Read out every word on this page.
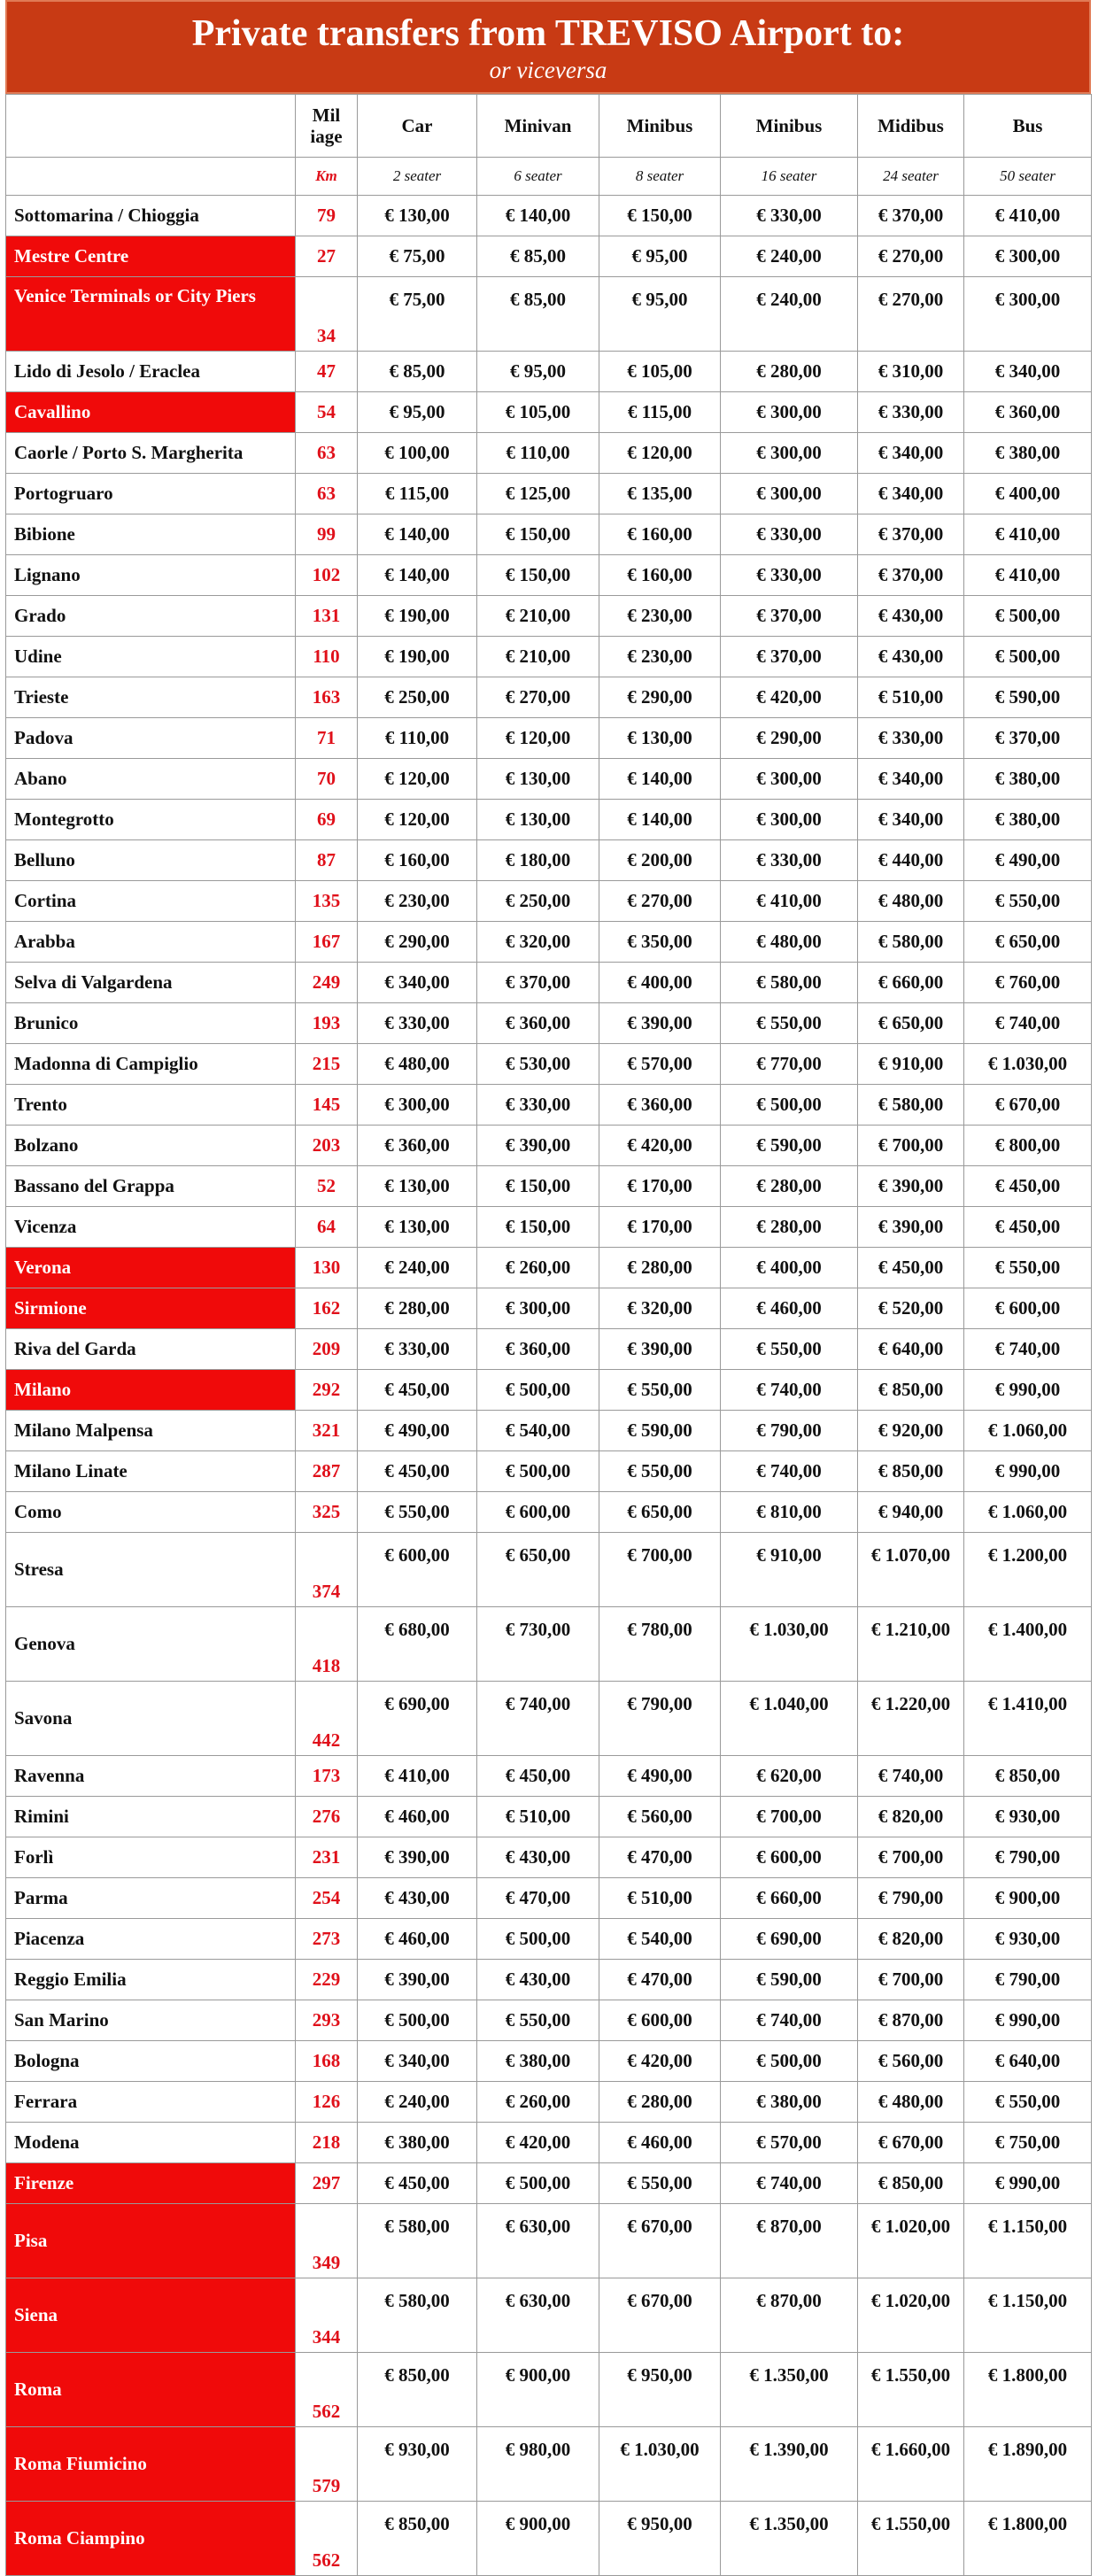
Private transfers from TREVISO Airport to:
or viceversa
	Mil iage	Car	Minivan	Minibus	Minibus	Midibus	Bus
	Km	2 seater	6 seater	8 seater	16 seater	24 seater	50 seater
Sottomarina / Chioggia	79	€ 130,00	€ 140,00	€ 150,00	€ 330,00	€ 370,00	€ 410,00
Mestre Centre	27	€ 75,00	€ 85,00	€ 95,00	€ 240,00	€ 270,00	€ 300,00
Venice Terminals or City Piers	34	€ 75,00	€ 85,00	€ 95,00	€ 240,00	€ 270,00	€ 300,00
Lido di Jesolo / Eraclea	47	€ 85,00	€ 95,00	€ 105,00	€ 280,00	€ 310,00	€ 340,00
Cavallino	54	€ 95,00	€ 105,00	€ 115,00	€ 300,00	€ 330,00	€ 360,00
Caorle / Porto S. Margherita	63	€ 100,00	€ 110,00	€ 120,00	€ 300,00	€ 340,00	€ 380,00
Portogruaro	63	€ 115,00	€ 125,00	€ 135,00	€ 300,00	€ 340,00	€ 400,00
Bibione	99	€ 140,00	€ 150,00	€ 160,00	€ 330,00	€ 370,00	€ 410,00
Lignano	102	€ 140,00	€ 150,00	€ 160,00	€ 330,00	€ 370,00	€ 410,00
Grado	131	€ 190,00	€ 210,00	€ 230,00	€ 370,00	€ 430,00	€ 500,00
Udine	110	€ 190,00	€ 210,00	€ 230,00	€ 370,00	€ 430,00	€ 500,00
Trieste	163	€ 250,00	€ 270,00	€ 290,00	€ 420,00	€ 510,00	€ 590,00
Padova	71	€ 110,00	€ 120,00	€ 130,00	€ 290,00	€ 330,00	€ 370,00
Abano	70	€ 120,00	€ 130,00	€ 140,00	€ 300,00	€ 340,00	€ 380,00
Montegrotto	69	€ 120,00	€ 130,00	€ 140,00	€ 300,00	€ 340,00	€ 380,00
Belluno	87	€ 160,00	€ 180,00	€ 200,00	€ 330,00	€ 440,00	€ 490,00
Cortina	135	€ 230,00	€ 250,00	€ 270,00	€ 410,00	€ 480,00	€ 550,00
Arabba	167	€ 290,00	€ 320,00	€ 350,00	€ 480,00	€ 580,00	€ 650,00
Selva di Valgardena	249	€ 340,00	€ 370,00	€ 400,00	€ 580,00	€ 660,00	€ 760,00
Brunico	193	€ 330,00	€ 360,00	€ 390,00	€ 550,00	€ 650,00	€ 740,00
Madonna di Campiglio	215	€ 480,00	€ 530,00	€ 570,00	€ 770,00	€ 910,00	€ 1.030,00
Trento	145	€ 300,00	€ 330,00	€ 360,00	€ 500,00	€ 580,00	€ 670,00
Bolzano	203	€ 360,00	€ 390,00	€ 420,00	€ 590,00	€ 700,00	€ 800,00
Bassano del Grappa	52	€ 130,00	€ 150,00	€ 170,00	€ 280,00	€ 390,00	€ 450,00
Vicenza	64	€ 130,00	€ 150,00	€ 170,00	€ 280,00	€ 390,00	€ 450,00
Verona	130	€ 240,00	€ 260,00	€ 280,00	€ 400,00	€ 450,00	€ 550,00
Sirmione	162	€ 280,00	€ 300,00	€ 320,00	€ 460,00	€ 520,00	€ 600,00
Riva del Garda	209	€ 330,00	€ 360,00	€ 390,00	€ 550,00	€ 640,00	€ 740,00
Milano	292	€ 450,00	€ 500,00	€ 550,00	€ 740,00	€ 850,00	€ 990,00
Milano Malpensa	321	€ 490,00	€ 540,00	€ 590,00	€ 790,00	€ 920,00	€ 1.060,00
Milano Linate	287	€ 450,00	€ 500,00	€ 550,00	€ 740,00	€ 850,00	€ 990,00
Como	325	€ 550,00	€ 600,00	€ 650,00	€ 810,00	€ 940,00	€ 1.060,00
Stresa	374	€ 600,00	€ 650,00	€ 700,00	€ 910,00	€ 1.070,00	€ 1.200,00
Genova	418	€ 680,00	€ 730,00	€ 780,00	€ 1.030,00	€ 1.210,00	€ 1.400,00
Savona	442	€ 690,00	€ 740,00	€ 790,00	€ 1.040,00	€ 1.220,00	€ 1.410,00
Ravenna	173	€ 410,00	€ 450,00	€ 490,00	€ 620,00	€ 740,00	€ 850,00
Rimini	276	€ 460,00	€ 510,00	€ 560,00	€ 700,00	€ 820,00	€ 930,00
Forlì	231	€ 390,00	€ 430,00	€ 470,00	€ 600,00	€ 700,00	€ 790,00
Parma	254	€ 430,00	€ 470,00	€ 510,00	€ 660,00	€ 790,00	€ 900,00
Piacenza	273	€ 460,00	€ 500,00	€ 540,00	€ 690,00	€ 820,00	€ 930,00
Reggio Emilia	229	€ 390,00	€ 430,00	€ 470,00	€ 590,00	€ 700,00	€ 790,00
San Marino	293	€ 500,00	€ 550,00	€ 600,00	€ 740,00	€ 870,00	€ 990,00
Bologna	168	€ 340,00	€ 380,00	€ 420,00	€ 500,00	€ 560,00	€ 640,00
Ferrara	126	€ 240,00	€ 260,00	€ 280,00	€ 380,00	€ 480,00	€ 550,00
Modena	218	€ 380,00	€ 420,00	€ 460,00	€ 570,00	€ 670,00	€ 750,00
Firenze	297	€ 450,00	€ 500,00	€ 550,00	€ 740,00	€ 850,00	€ 990,00
Pisa	349	€ 580,00	€ 630,00	€ 670,00	€ 870,00	€ 1.020,00	€ 1.150,00
Siena	344	€ 580,00	€ 630,00	€ 670,00	€ 870,00	€ 1.020,00	€ 1.150,00
Roma	562	€ 850,00	€ 900,00	€ 950,00	€ 1.350,00	€ 1.550,00	€ 1.800,00
Roma Fiumicino	579	€ 930,00	€ 980,00	€ 1.030,00	€ 1.390,00	€ 1.660,00	€ 1.890,00
Roma Ciampino	562	€ 850,00	€ 900,00	€ 950,00	€ 1.350,00	€ 1.550,00	€ 1.800,00
